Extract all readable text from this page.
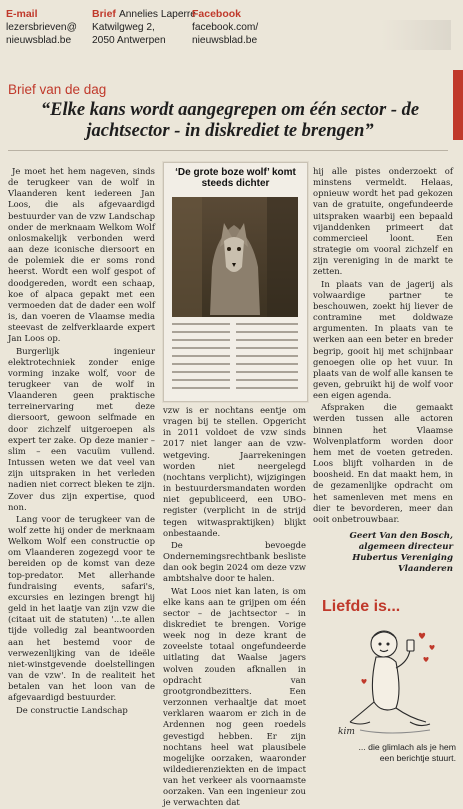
E-mail
lezersbrieven@
nieuwsblad.be
Brief Annelies Laperre
Katwilgweg 2,
2050 Antwerpen
Facebook
facebook.com/
nieuwsblad.be
Brief van de dag
“Elke kans wordt aangegrepen om één sector - de jachtsector - in diskrediet te brengen”

Je moet het hem nageven, sinds de terugkeer van de wolf in Vlaanderen kent iedereen Jan Loos, die als afgevaardigd bestuurder van de vzw Landschap onder de merknaam Welkom Wolf onlosmakelijk verbonden werd aan deze iconische diersoort en de polemiek die er soms rond heerst. Wordt een wolf gespot of doodgereden, wordt een schaap, koe of alpaca gepakt met een vermoeden dat de dader een wolf is, dan voeren de Vlaamse media steevast de zelfverklaarde expert Jan Loos op.

Burgerlijk ingenieur elektrotechniek zonder enige vorming inzake wolf, voor de terugkeer van de wolf in Vlaanderen geen praktische terreinervaring met deze diersoort, gewoon selfmade en door zichzelf uitgeroepen als expert ter zake. Op deze manier – slim – een vacuüm vullend. Intussen weten we dat veel van zijn uitspraken in het verleden nadien niet correct bleken te zijn. Zover dus zijn expertise, quod non.

Lang voor de terugkeer van de wolf zette hij onder de merknaam Welkom Wolf een constructie op om Vlaanderen zogezegd voor te bereiden op de komst van deze top-predator. Met allerhande fundraising events, safari's, excursies en lezingen brengt hij geld in het laatje van zijn vzw die (citaat uit de statuten) '...te allen tijde volledig zal beantwoorden aan het bestemd voor de verwezenlijking van de ideële niet-winstgevende doelstellingen van de vzw'. In de realiteit het betalen van het loon van de afgevaardigd bestuurder.

De constructie Landschap

‘De grote boze wolf’ komt steeds dichter

vzw is er nochtans eentje om vragen bij te stellen. Opgericht in 2011 voldoet de vzw sinds 2017 niet langer aan de vzw-wetgeving. Jaarrekeningen worden niet neergelegd (nochtans verplicht), wijzigingen in bestuurdersmandaten worden niet gepubliceerd, een UBO-register (verplicht in de strijd tegen witwaspraktijken) blijkt onbestaande.

De bevoegde Ondernemingsrechtbank besliste dan ook begin 2024 om deze vzw ambtshalve door te halen.

Wat Loos niet kan laten, is om elke kans aan te grijpen om één sector – de jachtsector – in diskrediet te brengen. Vorige week nog in deze krant de zoveelste totaal ongefundeerde uitlating dat Waalse jagers wolven zouden afknallen in opdracht van grootgrondbezitters. Een verzonnen verhaaltje dat moet verklaren waarom er zich in de Ardennen nog geen roedels gevestigd hebben. Er zijn nochtans heel wat plausibele mogelijke oorzaken, waaronder wildedierenziekten en de impact van het verkeer als voornaamste oorzaken. Van een ingenieur zou je verwachten dat

hij alle pistes onderzoekt of minstens vermeldt. Helaas, opnieuw wordt het pad gekozen van de gratuite, ongefundeerde uitspraken waarbij een bepaald vijanddenken primeert dat commercieel loont. Een strategie om vooral zichzelf en zijn vereniging in de markt te zetten.

In plaats van de jagerij als volwaardige partner te beschouwen, zoekt hij liever de contramine met doldwaze argumenten. In plaats van te werken aan een beter en breder begrip, gooit hij met schijnbaar genoegen olie op het vuur. In plaats van de wolf alle kansen te geven, gebruikt hij de wolf voor een eigen agenda.

Afspraken die gemaakt werden tussen alle actoren binnen het Vlaamse Wolvenplatform worden door hem met de voeten getreden. Loos blijft volharden in de boosheid. En dat maakt hem, in de gezamenlijke opdracht om het samenleven met mens en dier te bevorderen, meer dan ooit onbetrouwbaar.

Geert Van den Bosch,
algemeen directeur
Hubertus Vereniging
Vlaanderen
Liefde is...
kim
... die glimlach als je hem
een berichtje stuurt.
